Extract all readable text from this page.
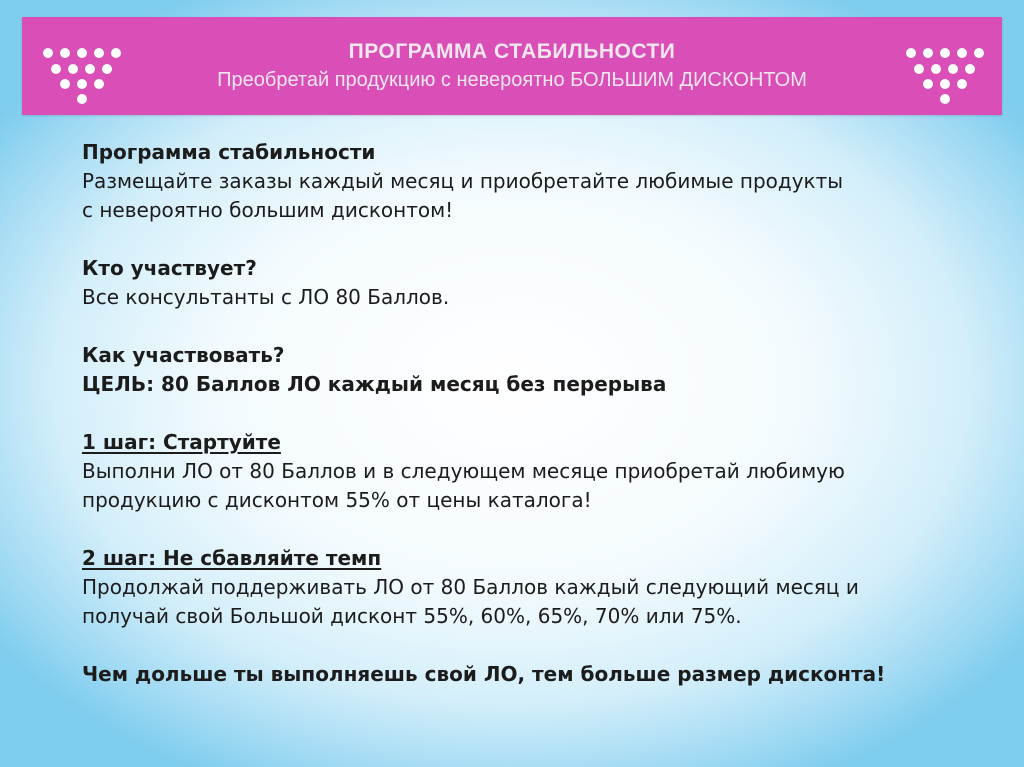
ПРОГРАММА СТАБИЛЬНОСТИ
Преобретай продукцию с невероятно БОЛЬШИМ ДИСКОНТОМ

Программа стабильности

Размещайте заказы каждый месяц и приобретайте любимые продукты

с невероятно большим дисконтом!

Кто участвует?

Все консультанты с ЛО 80 Баллов.

Как участвовать?

ЦЕЛЬ: 80 Баллов ЛО каждый месяц без перерыва

1 шаг: Стартуйте

Выполни ЛО от 80 Баллов и в следующем месяце приобретай любимую

продукцию с дисконтом 55% от цены каталога!

2 шаг: Не сбавляйте темп

Продолжай поддерживать ЛО от 80 Баллов каждый следующий месяц и

получай свой Большой дисконт 55%, 60%, 65%, 70% или 75%.

Чем дольше ты выполняешь свой ЛО, тем больше размер дисконта!
